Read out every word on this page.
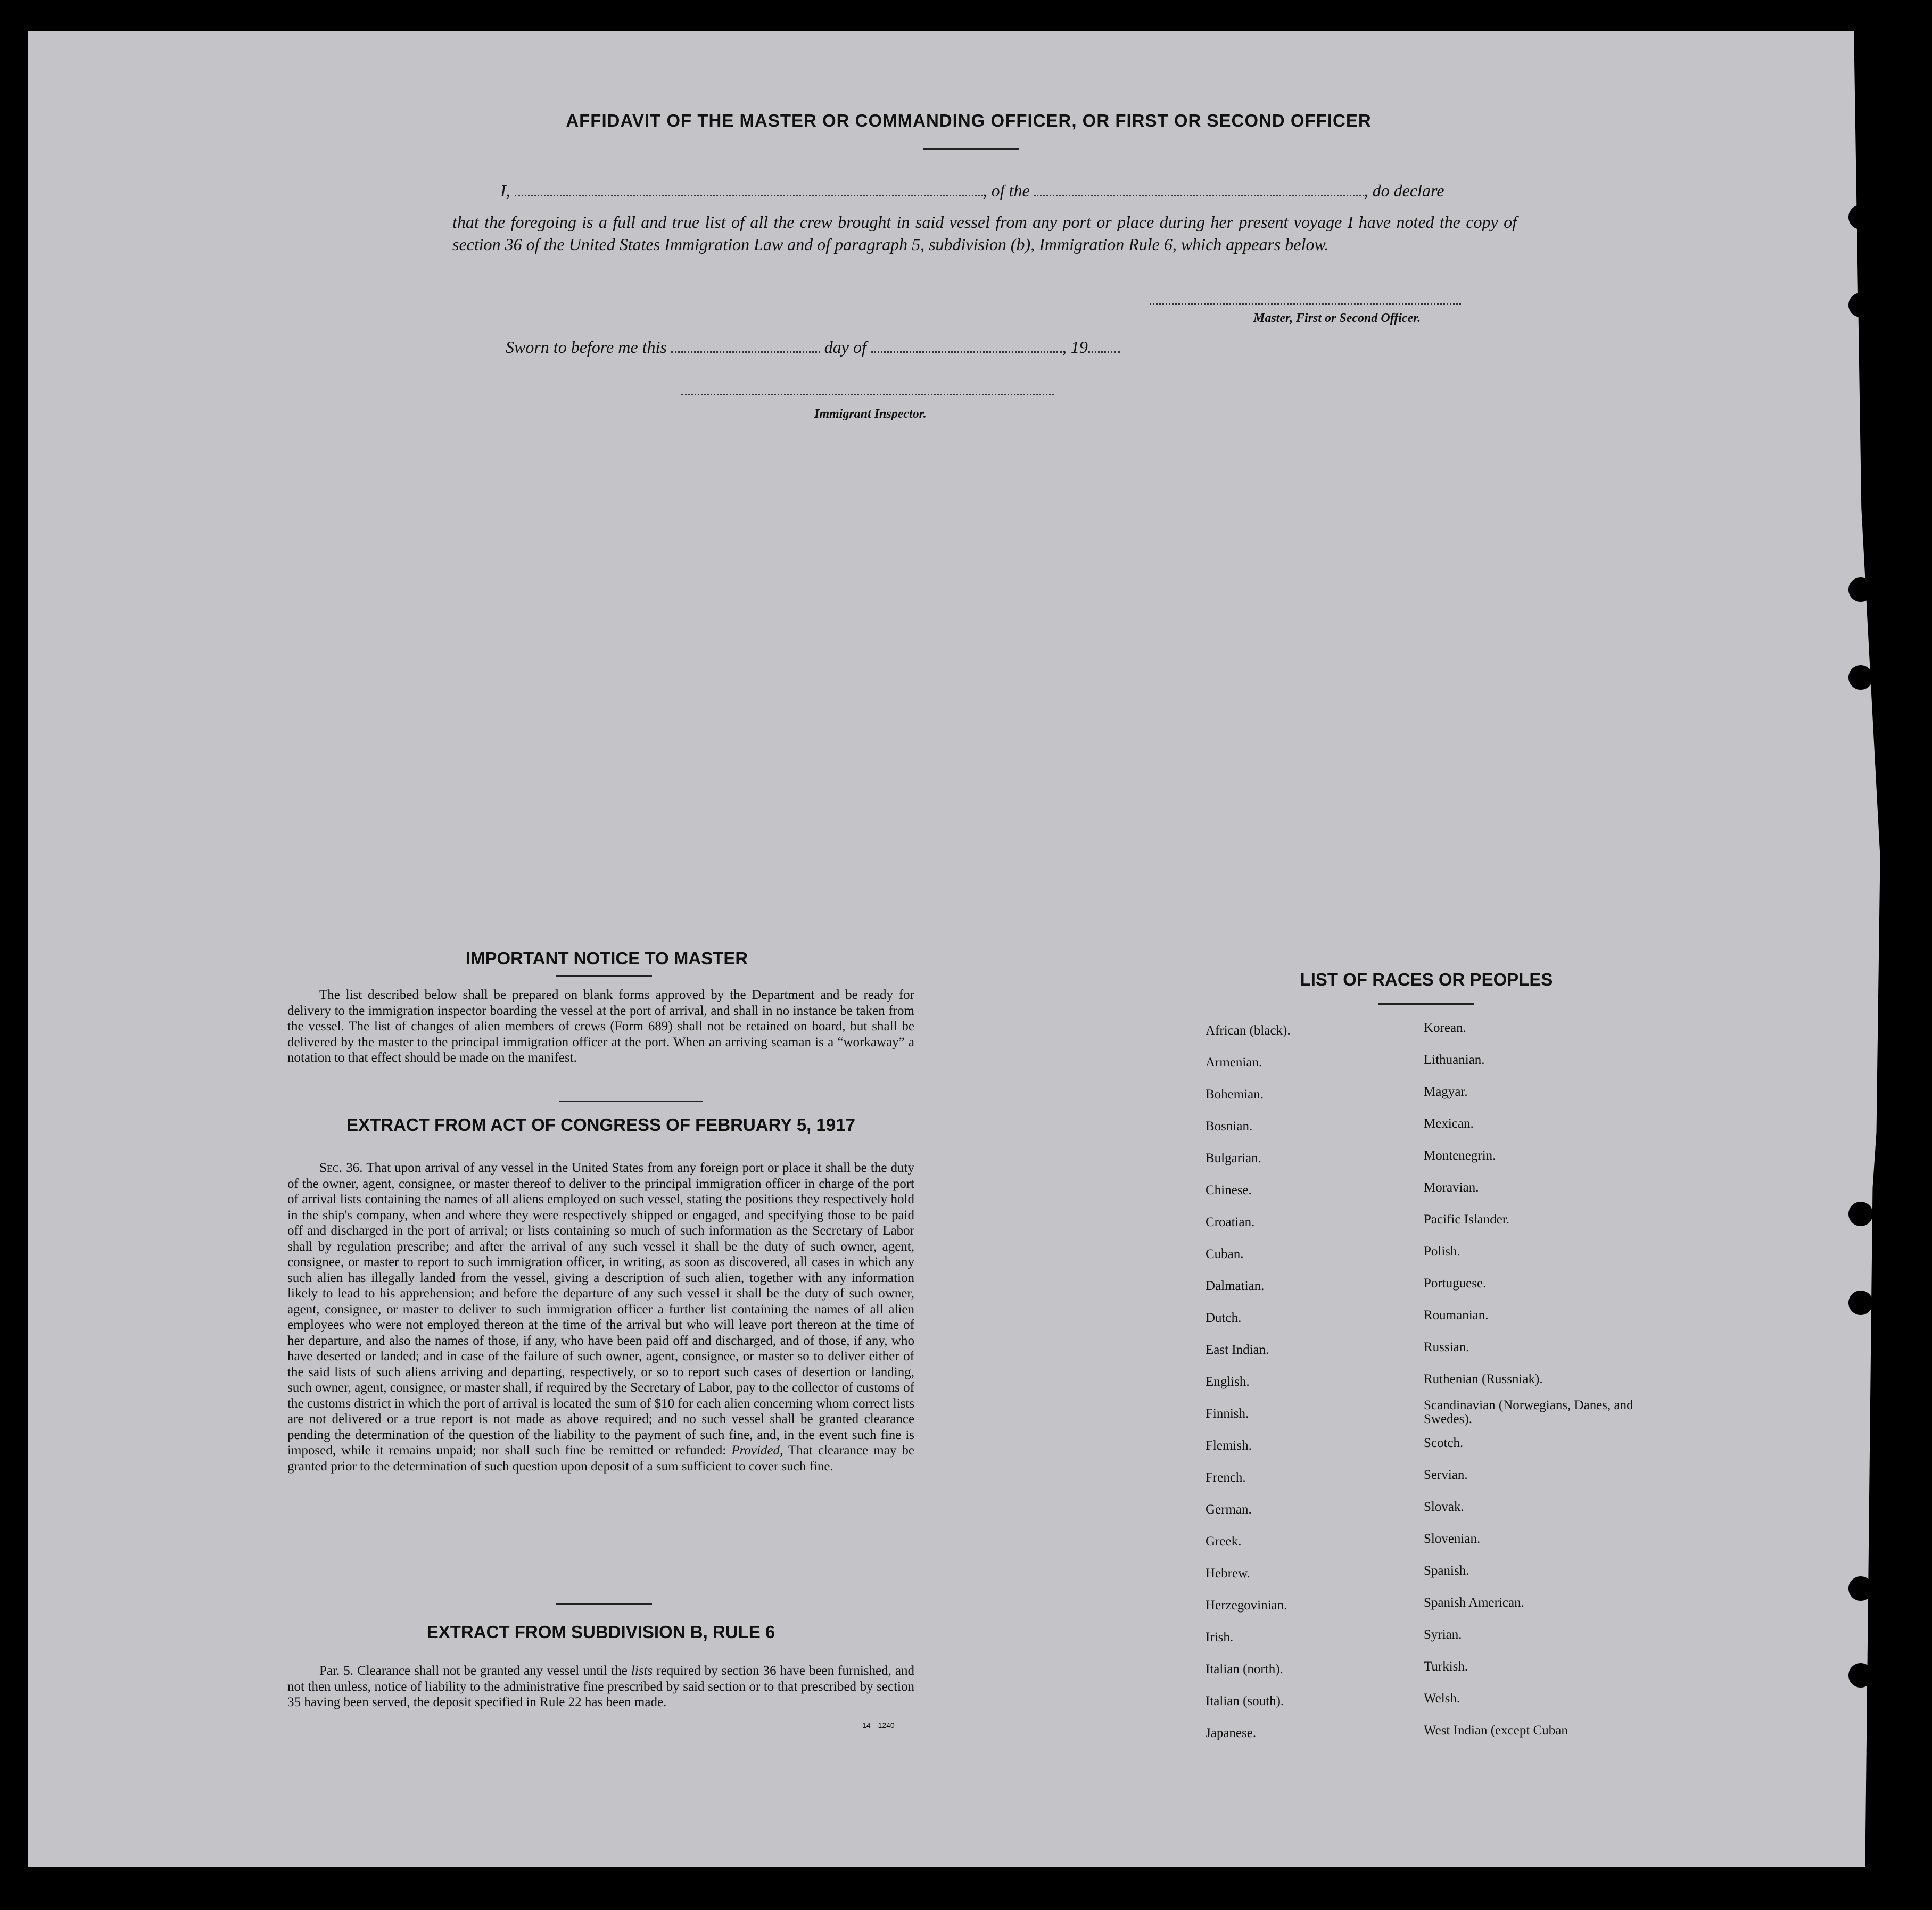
AFFIDAVIT OF THE MASTER OR COMMANDING OFFICER, OR FIRST OR SECOND OFFICER
I,	, of the	, do declare
that the foregoing is a full and true list of all the crew brought in said vessel from any port or place during her present voyage I have noted the copy of section 36 of the United States Immigration Law and of paragraph 5, subdivision (b), Immigration Rule 6, which appears below.
Master, First or Second Officer.
Sworn to before me this	day of	, 19
Immigrant Inspector.
IMPORTANT NOTICE TO MASTER
The list described below shall be prepared on blank forms approved by the Department and be ready for delivery to the immigration inspector boarding the vessel at the port of arrival, and shall in no instance be taken from the vessel. The list of changes of alien members of crews (Form 689) shall not be retained on board, but shall be delivered by the master to the principal immigration officer at the port. When an arriving seaman is a “workaway” a notation to that effect should be made on the manifest.
EXTRACT FROM ACT OF CONGRESS OF FEBRUARY 5, 1917
Sec. 36. That upon arrival of any vessel in the United States from any foreign port or place it shall be the duty of the owner, agent, consignee, or master thereof to deliver to the principal immigration officer in charge of the port of arrival lists containing the names of all aliens employed on such vessel, stating the positions they respectively hold in the ship's company, when and where they were respectively shipped or engaged, and specifying those to be paid off and discharged in the port of arrival; or lists containing so much of such information as the Secretary of Labor shall by regulation prescribe; and after the arrival of any such vessel it shall be the duty of such owner, agent, consignee, or master to report to such immigration officer, in writing, as soon as discovered, all cases in which any such alien has illegally landed from the vessel, giving a description of such alien, together with any information likely to lead to his apprehension; and before the departure of any such vessel it shall be the duty of such owner, agent, consignee, or master to deliver to such immigration officer a further list containing the names of all alien employees who were not employed thereon at the time of the arrival but who will leave port thereon at the time of her departure, and also the names of those, if any, who have been paid off and discharged, and of those, if any, who have deserted or landed; and in case of the failure of such owner, agent, consignee, or master so to deliver either of the said lists of such aliens arriving and departing, respectively, or so to report such cases of desertion or landing, such owner, agent, consignee, or master shall, if required by the Secretary of Labor, pay to the collector of customs of the customs district in which the port of arrival is located the sum of $10 for each alien concerning whom correct lists are not delivered or a true report is not made as above required; and no such vessel shall be granted clearance pending the determination of the question of the liability to the payment of such fine, and, in the event such fine is imposed, while it remains unpaid; nor shall such fine be remitted or refunded: Provided, That clearance may be granted prior to the determination of such question upon deposit of a sum sufficient to cover such fine.
EXTRACT FROM SUBDIVISION B, RULE 6
Par. 5. Clearance shall not be granted any vessel until the lists required by section 36 have been furnished, and not then unless, notice of liability to the administrative fine prescribed by said section or to that prescribed by section 35 having been served, the deposit specified in Rule 22 has been made.
14—1240
LIST OF RACES OR PEOPLES
African (black).
Armenian.
Bohemian.
Bosnian.
Bulgarian.
Chinese.
Croatian.
Cuban.
Dalmatian.
Dutch.
East Indian.
English.
Finnish.
Flemish.
French.
German.
Greek.
Hebrew.
Herzegovinian.
Irish.
Italian (north).
Italian (south).
Japanese.
Korean.
Lithuanian.
Magyar.
Mexican.
Montenegrin.
Moravian.
Pacific Islander.
Polish.
Portuguese.
Roumanian.
Russian.
Ruthenian (Russniak).
Scandinavian (Norwegians, Danes, and Swedes).
Scotch.
Servian.
Slovak.
Slovenian.
Spanish.
Spanish American.
Syrian.
Turkish.
Welsh.
West Indian (except Cuban
